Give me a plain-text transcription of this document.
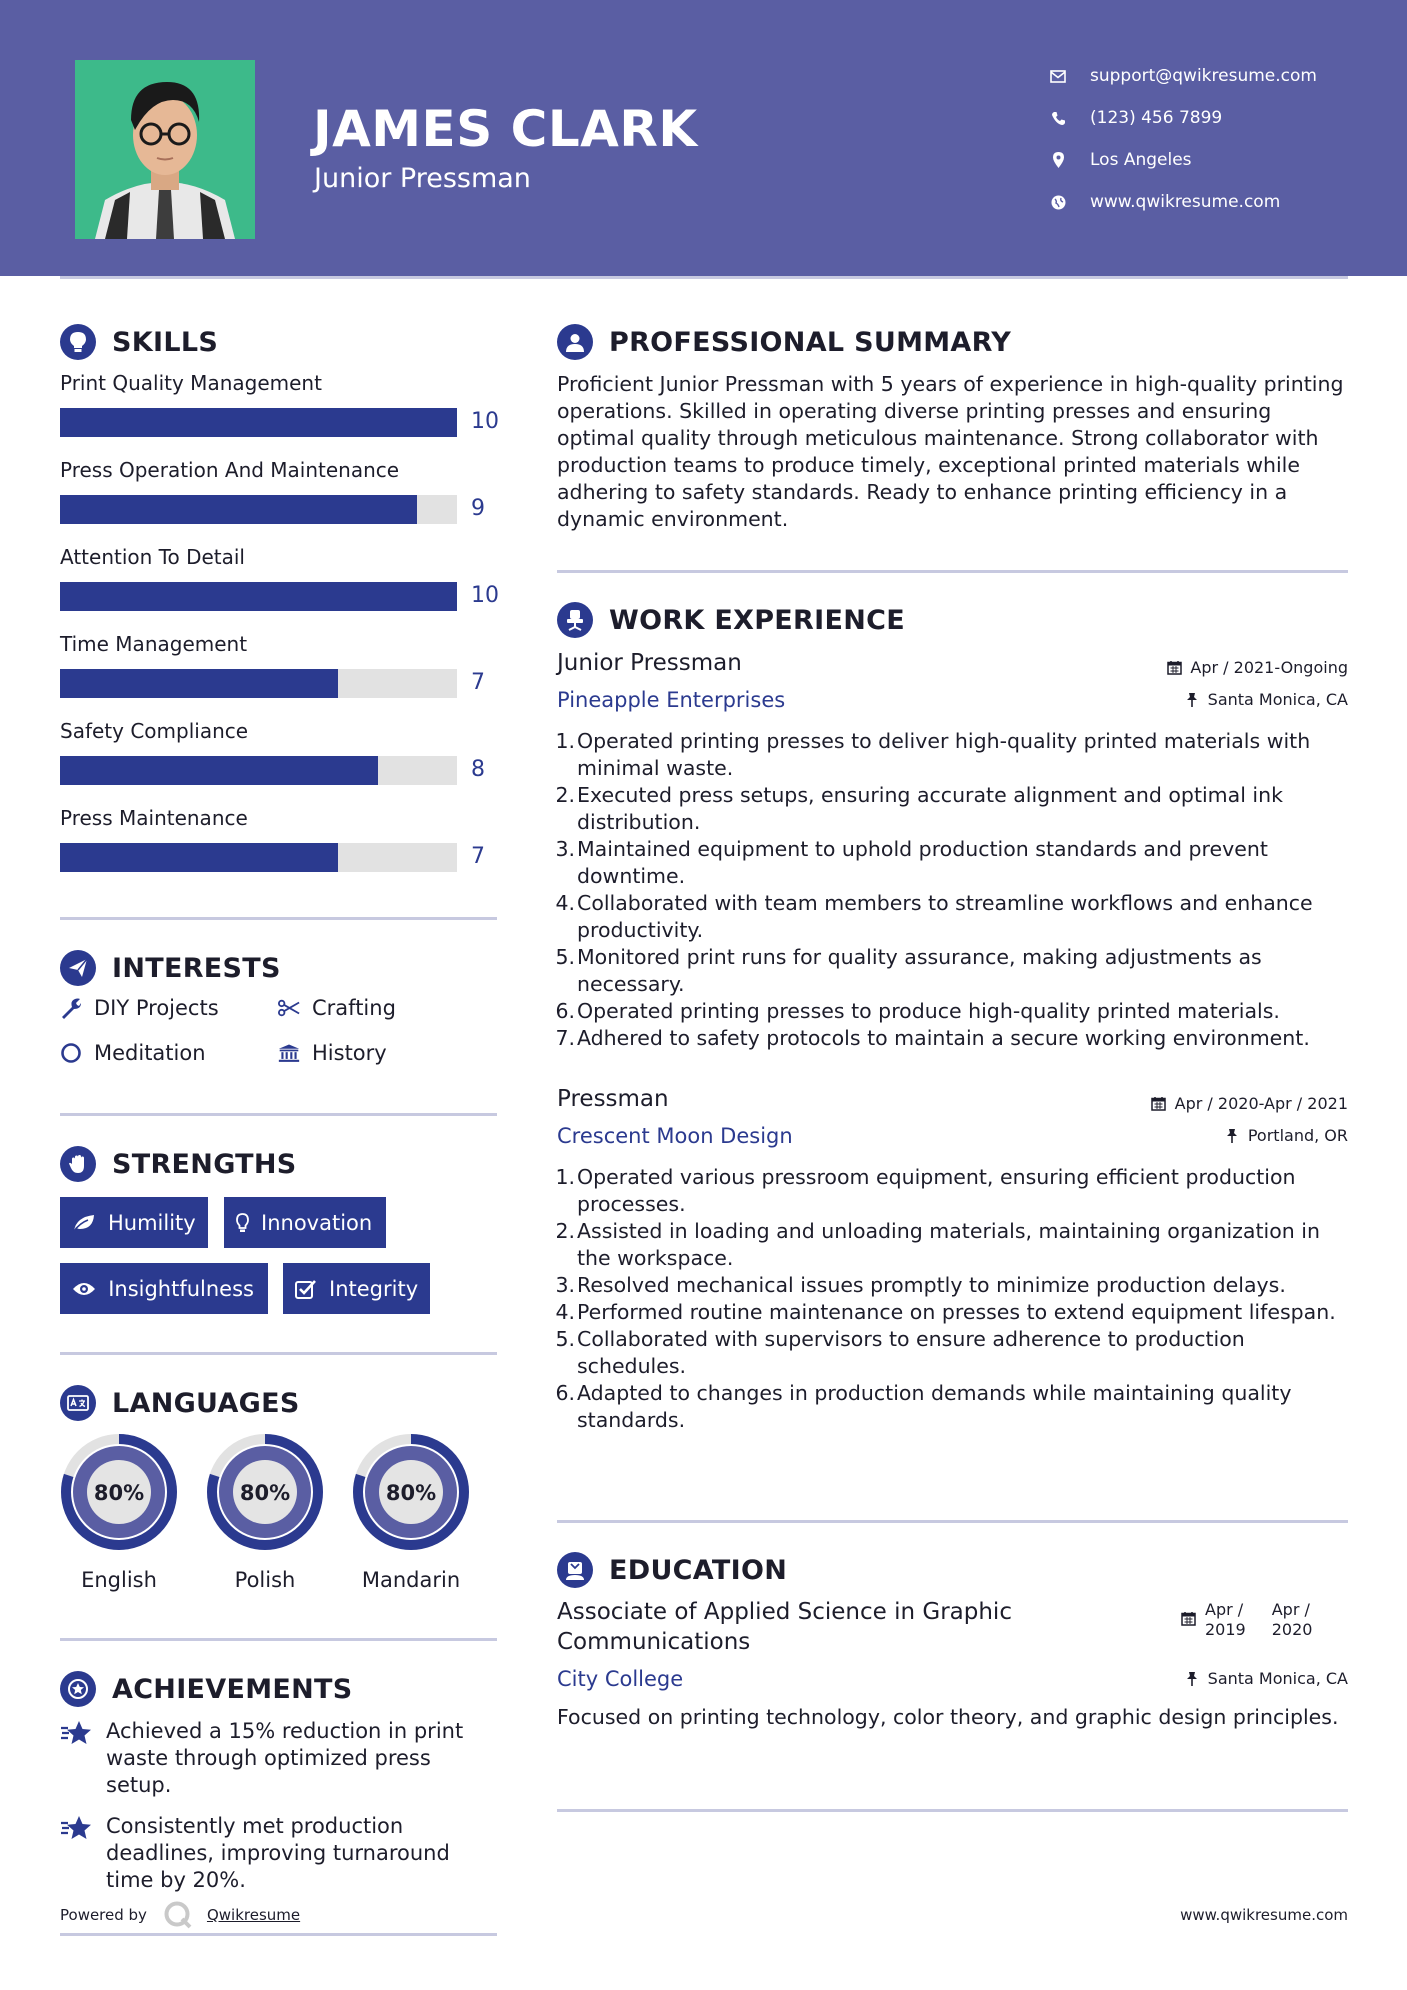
JAMES CLARK
Junior Pressman
support@qwikresume.com
(123) 456 7899
Los Angeles
www.qwikresume.com
SKILLS
Print Quality Management
10
Press Operation And Maintenance
9
Attention To Detail
10
Time Management
7
Safety Compliance
8
Press Maintenance
7
INTERESTS
DIY Projects	Crafting
Meditation	History
STRENGTHS
Humility	Innovation
Insightfulness	Integrity
LANGUAGES
80%
English
80%
Polish
80%
Mandarin
ACHIEVEMENTS
Achieved a 15% reduction in print waste through optimized press setup.
Consistently met production deadlines, improving turnaround time by 20%.
Powered by	Qwikresume
PROFESSIONAL SUMMARY
Proficient Junior Pressman with 5 years of experience in high-quality printing operations. Skilled in operating diverse printing presses and ensuring optimal quality through meticulous maintenance. Strong collaborator with production teams to produce timely, exceptional printed materials while adhering to safety standards. Ready to enhance printing efficiency in a dynamic environment.
WORK EXPERIENCE
Junior Pressman	Apr / 2021-Ongoing
Pineapple Enterprises	Santa Monica, CA
1. Operated printing presses to deliver high-quality printed materials with minimal waste.
2. Executed press setups, ensuring accurate alignment and optimal ink distribution.
3. Maintained equipment to uphold production standards and prevent downtime.
4. Collaborated with team members to streamline workflows and enhance productivity.
5. Monitored print runs for quality assurance, making adjustments as necessary.
6. Operated printing presses to produce high-quality printed materials.
7. Adhered to safety protocols to maintain a secure working environment.
Pressman	Apr / 2020-Apr / 2021
Crescent Moon Design	Portland, OR
1. Operated various pressroom equipment, ensuring efficient production processes.
2. Assisted in loading and unloading materials, maintaining organization in the workspace.
3. Resolved mechanical issues promptly to minimize production delays.
4. Performed routine maintenance on presses to extend equipment lifespan.
5. Collaborated with supervisors to ensure adherence to production schedules.
6. Adapted to changes in production demands while maintaining quality standards.
EDUCATION
Associate of Applied Science in Graphic Communications
Apr /
2019
Apr /
2020
City College	Santa Monica, CA
Focused on printing technology, color theory, and graphic design principles.
www.qwikresume.com
